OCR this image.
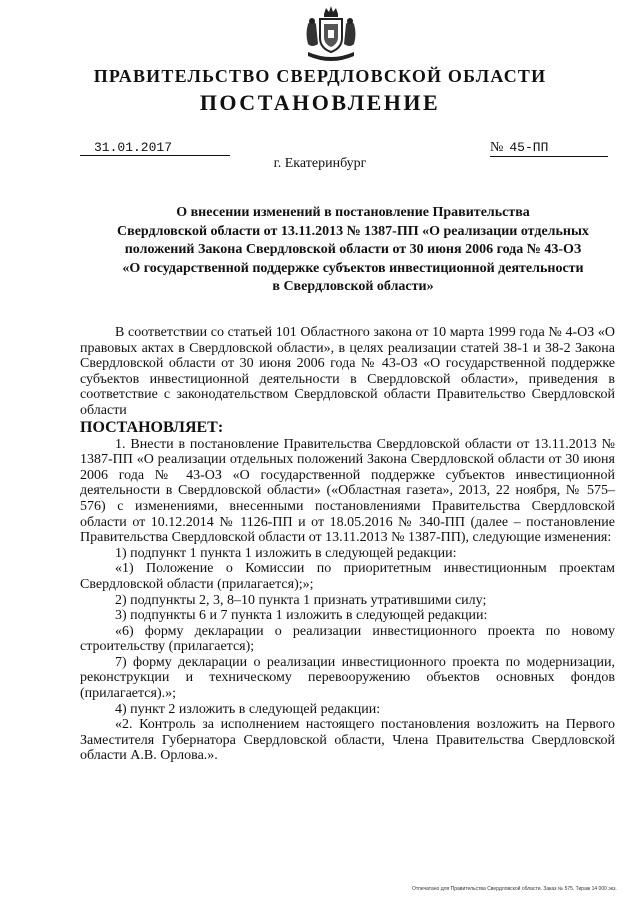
ПРАВИТЕЛЬСТВО СВЕРДЛОВСКОЙ ОБЛАСТИ
ПОСТАНОВЛЕНИЕ
31.01.2017	№ 45-ПП
г. Екатеринбург
О внесении изменений в постановление Правительства
Свердловской области от 13.11.2013 № 1387-ПП «О реализации отдельных
положений Закона Свердловской области от 30 июня 2006 года № 43-ОЗ
«О государственной поддержке субъектов инвестиционной деятельности
в Свердловской области»

В соответствии со статьей 101 Областного закона от 10 марта 1999 года № 4-ОЗ «О правовых актах в Свердловской области», в целях реализации статей 38-1 и 38-2 Закона Свердловской области от 30 июня 2006 года № 43-ОЗ «О государственной поддержке субъектов инвестиционной деятельности в Свердловской области», приведения в соответствие с законодательством Свердловской области Правительство Свердловской области

ПОСТАНОВЛЯЕТ:

1. Внести в постановление Правительства Свердловской области от 13.11.2013 № 1387-ПП «О реализации отдельных положений Закона Свердловской области от 30 июня 2006 года № 43-ОЗ «О государственной поддержке субъектов инвестиционной деятельности в Свердловской области» («Областная газета», 2013, 22 ноября, № 575–576) с изменениями, внесенными постановлениями Правительства Свердловской области от 10.12.2014 № 1126-ПП и от 18.05.2016 № 340-ПП (далее – постановление Правительства Свердловской области от 13.11.2013 № 1387-ПП), следующие изменения:

1) подпункт 1 пункта 1 изложить в следующей редакции:

«1) Положение о Комиссии по приоритетным инвестиционным проектам Свердловской области (прилагается);»;

2) подпункты 2, 3, 8–10 пункта 1 признать утратившими силу;

3) подпункты 6 и 7 пункта 1 изложить в следующей редакции:

«6) форму декларации о реализации инвестиционного проекта по новому строительству (прилагается);

7) форму декларации о реализации инвестиционного проекта по модернизации, реконструкции и техническому перевооружению объектов основных фондов (прилагается).»;

4) пункт 2 изложить в следующей редакции:

«2. Контроль за исполнением настоящего постановления возложить на Первого Заместителя Губернатора Свердловской области, Члена Правительства Свердловской области А.В. Орлова.».

Отпечатано для Правительства Свердловской области. Заказ № 575. Тираж 14 000 экз.
